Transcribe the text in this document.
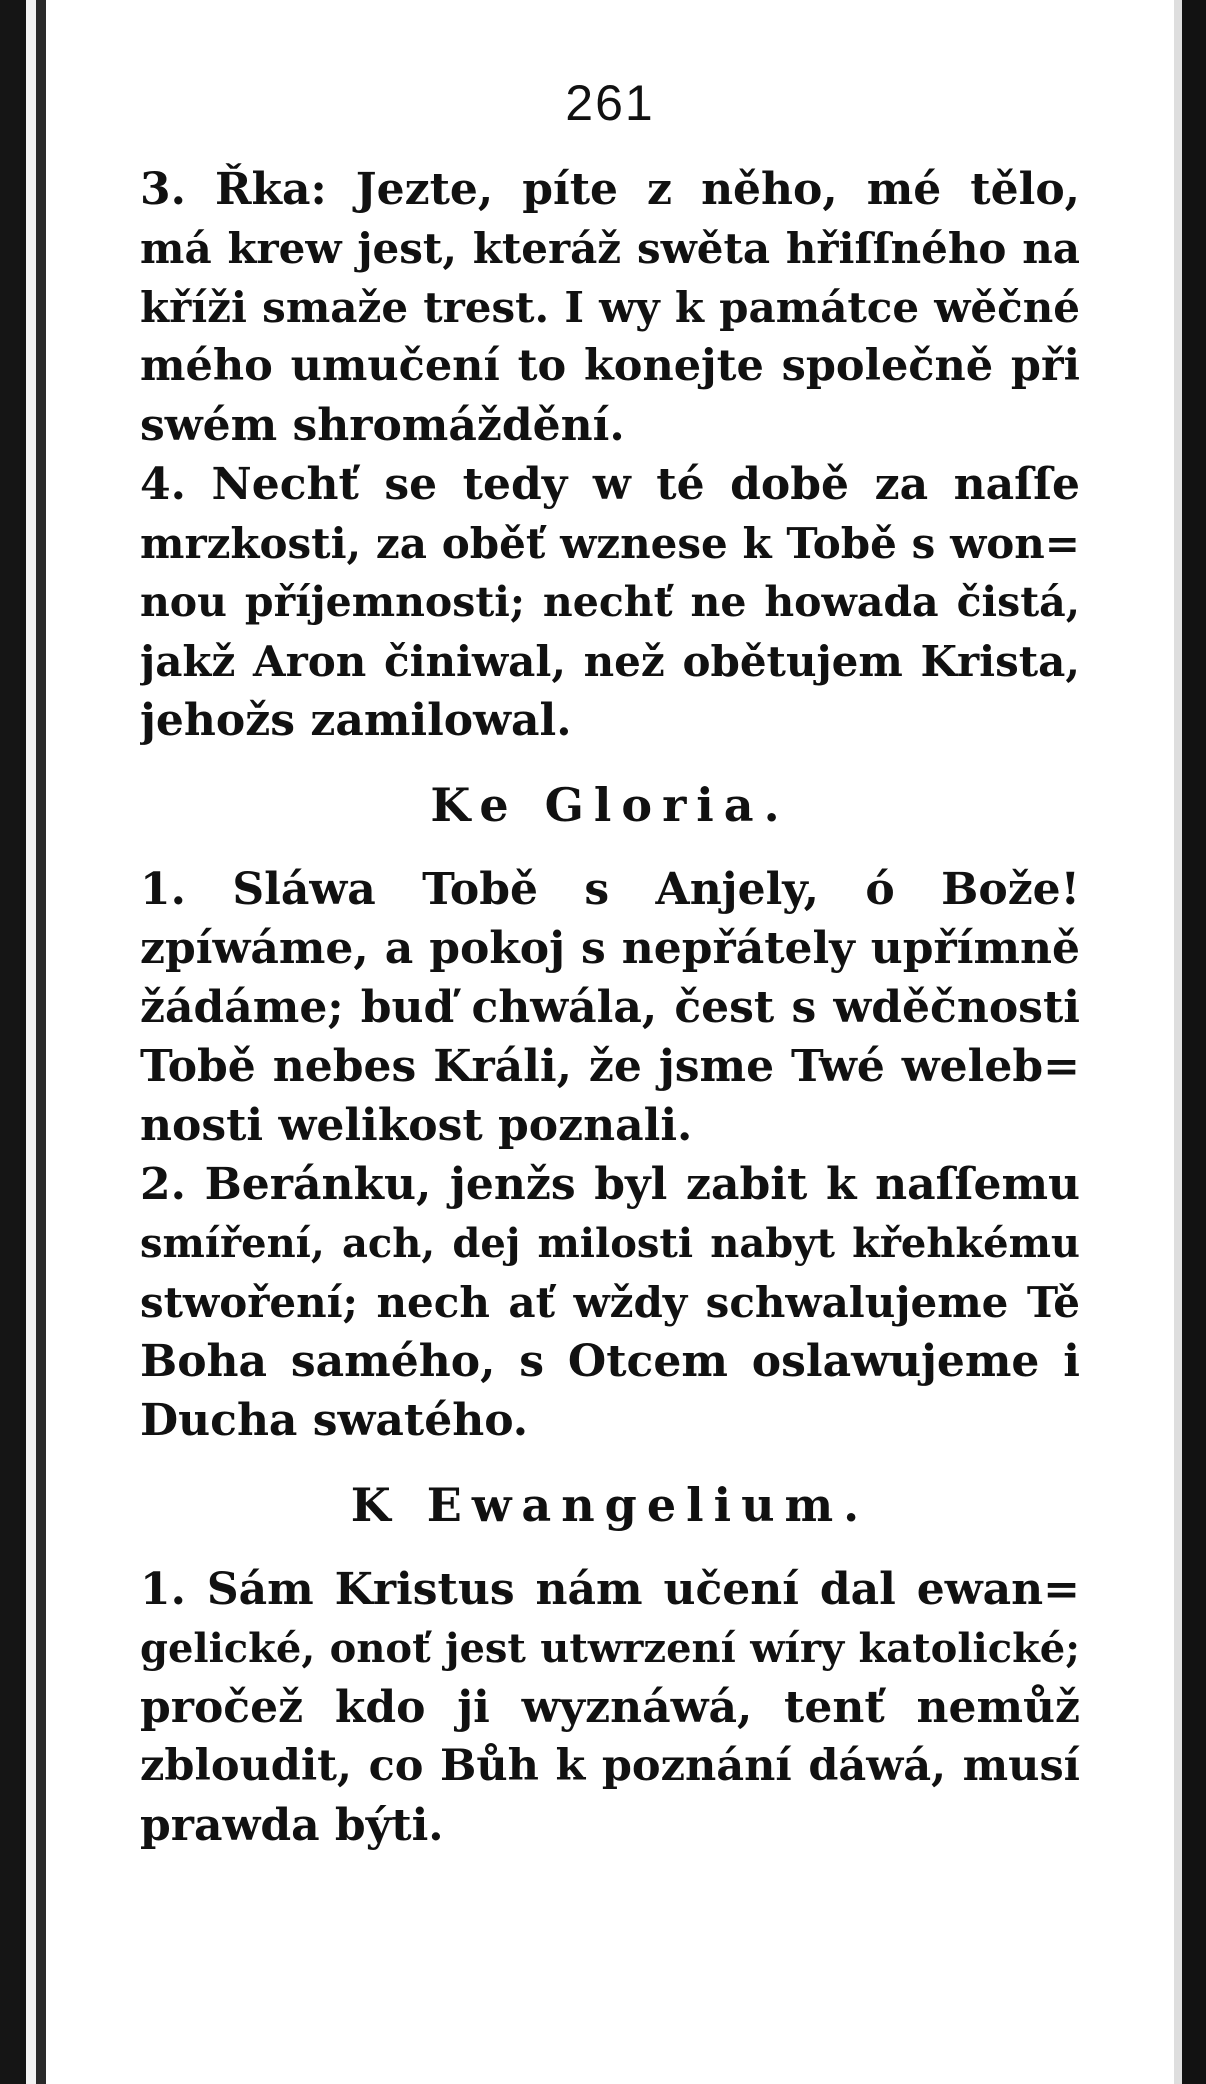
261
3. Řka: Jezte, píte z něho, mé tělo,
má krew jest, kteráž swěta hřiſſného na
kříži smaže trest. I wy k památce wěčné
mého umučení to konejte společně při
swém shromáždění.
4. Nechť se tedy w té době za naſſe
mrzkosti, za oběť wznese k Tobě s won=
nou příjemnosti; nechť ne howada čistá,
jakž Aron činiwal, než obětujem Krista,
jehožs zamilowal.
Ke Gloria.
1. Sláwa Tobě s Anjely, ó Bože!
zpíwáme, a pokoj s nepřátely upřímně
žádáme; buď chwála, čest s wděčnosti
Tobě nebes Králi, že jsme Twé weleb=
nosti welikost poznali.
2. Beránku, jenžs byl zabit k naſſemu
smíření, ach, dej milosti nabyt křehkému
stwoření; nech ať wždy schwalujeme Tě
Boha samého, s Otcem oslawujeme i
Ducha swatého.
K Ewangelium.
1. Sám Kristus nám učení dal ewan=
gelické, onoť jest utwrzení wíry katolické;
pročež kdo ji wyznáwá, tenť nemůž
zbloudit, co Bůh k poznání dáwá, musí
prawda býti.
